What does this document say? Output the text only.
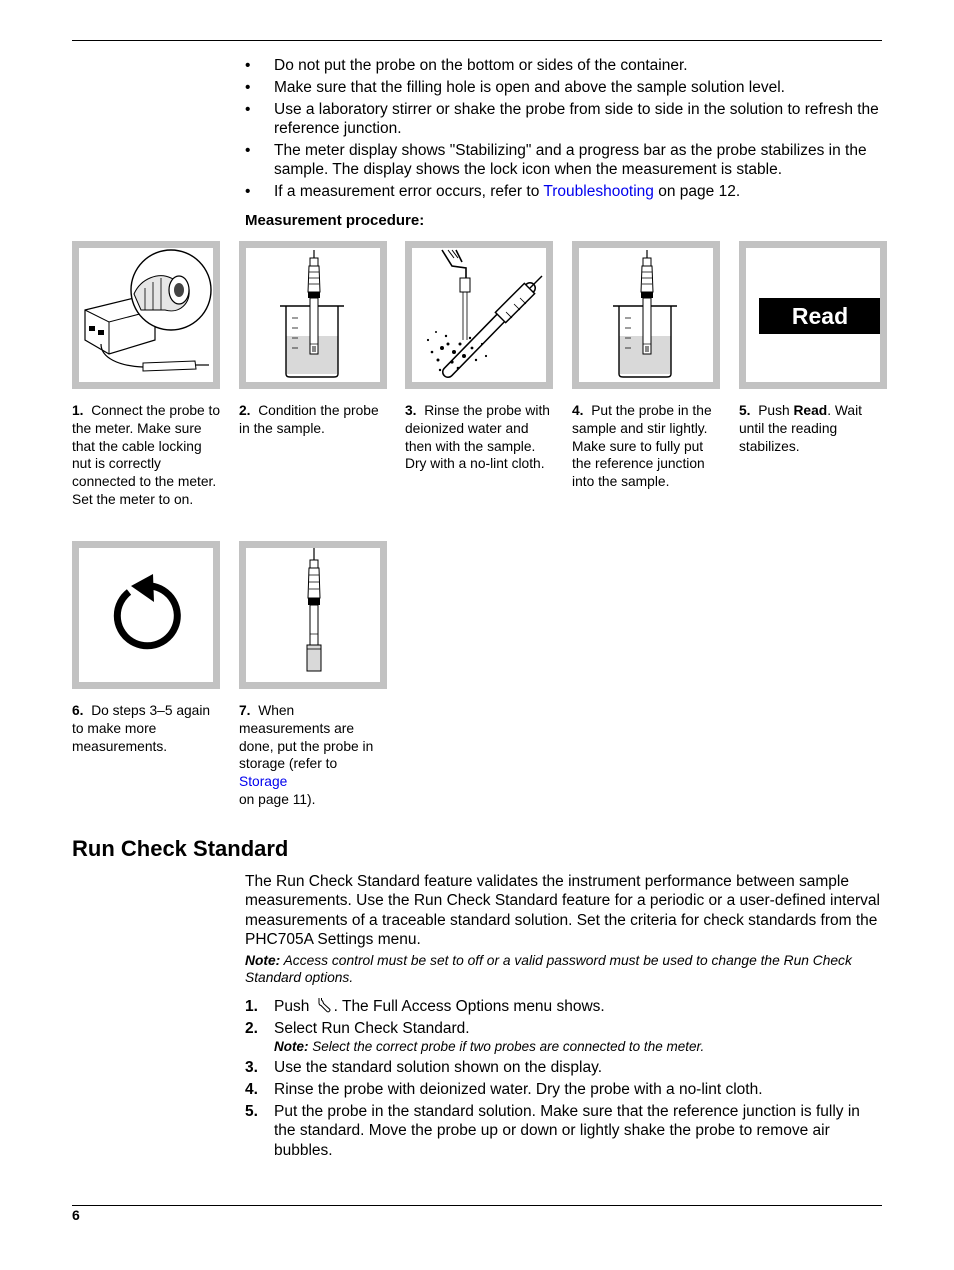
• Do not put the probe on the bottom or sides of the container.
• Make sure that the filling hole is open and above the sample solution level.
• Use a laboratory stirrer or shake the probe from side to side in the solution to refresh the reference junction.
• The meter display shows "Stabilizing" and a progress bar as the probe stabilizes in the sample. The display shows the lock icon when the measurement is stable.
• If a measurement error occurs, refer to Troubleshooting on page 12.
Measurement procedure:
Read
1. Connect the probe to the meter. Make sure that the cable locking nut is correctly connected to the meter. Set the meter to on.
2. Condition the probe in the sample.
3. Rinse the probe with deionized water and then with the sample. Dry with a no-lint cloth.
4. Put the probe in the sample and stir lightly. Make sure to fully put the reference junction into the sample.
5. Push Read. Wait until the reading stabilizes.
6. Do steps 3–5 again to make more measurements.
7. When measurements are done, put the probe in storage (refer to Storage
on page 11).
Run Check Standard

The Run Check Standard feature validates the instrument performance between sample measurements. Use the Run Check Standard feature for a periodic or a user-defined interval measurements of a traceable standard solution. Set the criteria for check standards from the PHC705A Settings menu.

Note: Access control must be set to off or a valid password must be used to change the Run Check Standard options.

1. Push . The Full Access Options menu shows.
2. Select Run Check Standard.
Note: Select the correct probe if two probes are connected to the meter.
3. Use the standard solution shown on the display.
4. Rinse the probe with deionized water. Dry the probe with a no-lint cloth.
5. Put the probe in the standard solution. Make sure that the reference junction is fully in the standard. Move the probe up or down or lightly shake the probe to remove air bubbles.
6
